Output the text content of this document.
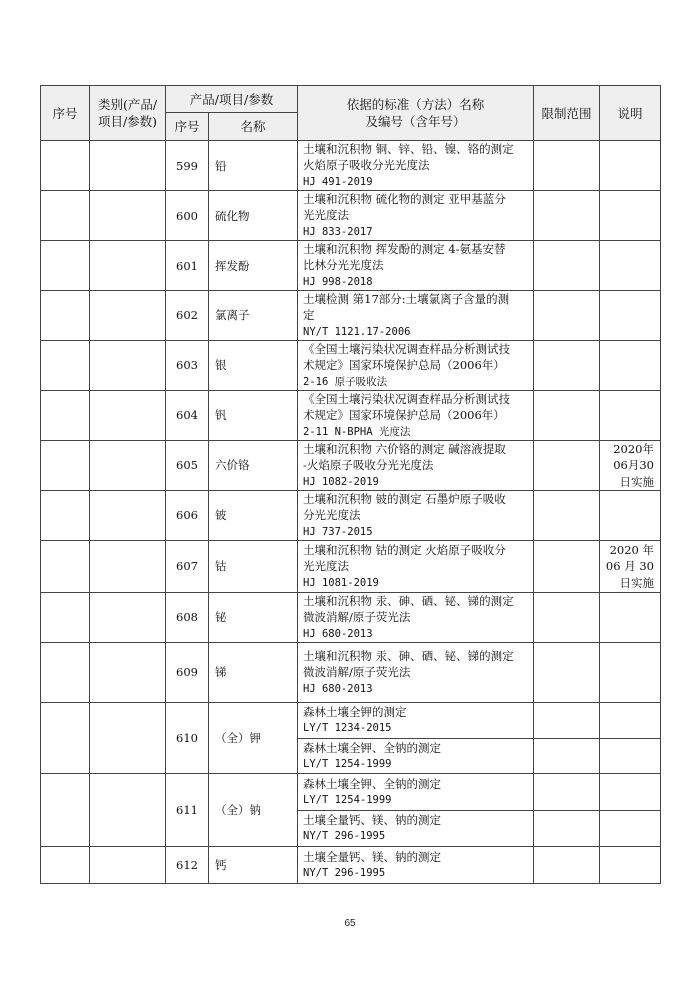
序号	类别(产品/
项目/参数)	产品/项目/参数		依据的标准（方法）名称
及编号（含年号）	限制范围	说明
		序号	名称			
		599	铅	土壤和沉积物 铜、锌、铅、镍、铬的测定
火焰原子吸收分光光度法
HJ 491-2019		

		600	硫化物	土壤和沉积物 硫化物的测定 亚甲基蓝分
光光度法
HJ 833-2017		

		601	挥发酚	土壤和沉积物 挥发酚的测定 4-氨基安替
比林分光光度法
HJ 998-2018		

		602	氯离子	土壤检测 第17部分:土壤氯离子含量的测
定
NY/T 1121.17-2006		

		603	银	《全国土壤污染状况调查样品分析测试技
术规定》国家环境保护总局（2006年）
2-16 原子吸收法		

		604	钒	《全国土壤污染状况调查样品分析测试技
术规定》国家环境保护总局（2006年）
2-11 N-BPHA 光度法		

		605	六价铬	土壤和沉积物 六价铬的测定 碱溶液提取
-火焰原子吸收分光光度法
HJ 1082-2019		2020年
06月30
日实施

		606	铍	土壤和沉积物 铍的测定 石墨炉原子吸收
分光光度法
HJ 737-2015		

		607	钴	土壤和沉积物 钴的测定 火焰原子吸收分
光光度法
HJ 1081-2019		2020 年
06 月 30
日实施

		608	铋	土壤和沉积物 汞、砷、硒、铋、锑的测定
微波消解/原子荧光法
HJ 680-2013		

		609	锑	土壤和沉积物 汞、砷、硒、铋、锑的测定
微波消解/原子荧光法
HJ 680-2013		

		610	（全）钾	森林土壤全钾的测定
LY/T 1234-2015		

				森林土壤全钾、全钠的测定
LY/T 1254-1999		

		611	（全）钠	森林土壤全钾、全钠的测定
LY/T 1254-1999		

				土壤全量钙、镁、钠的测定
NY/T 296-1995		

		612	钙	土壤全量钙、镁、钠的测定
NY/T 296-1995		

65
